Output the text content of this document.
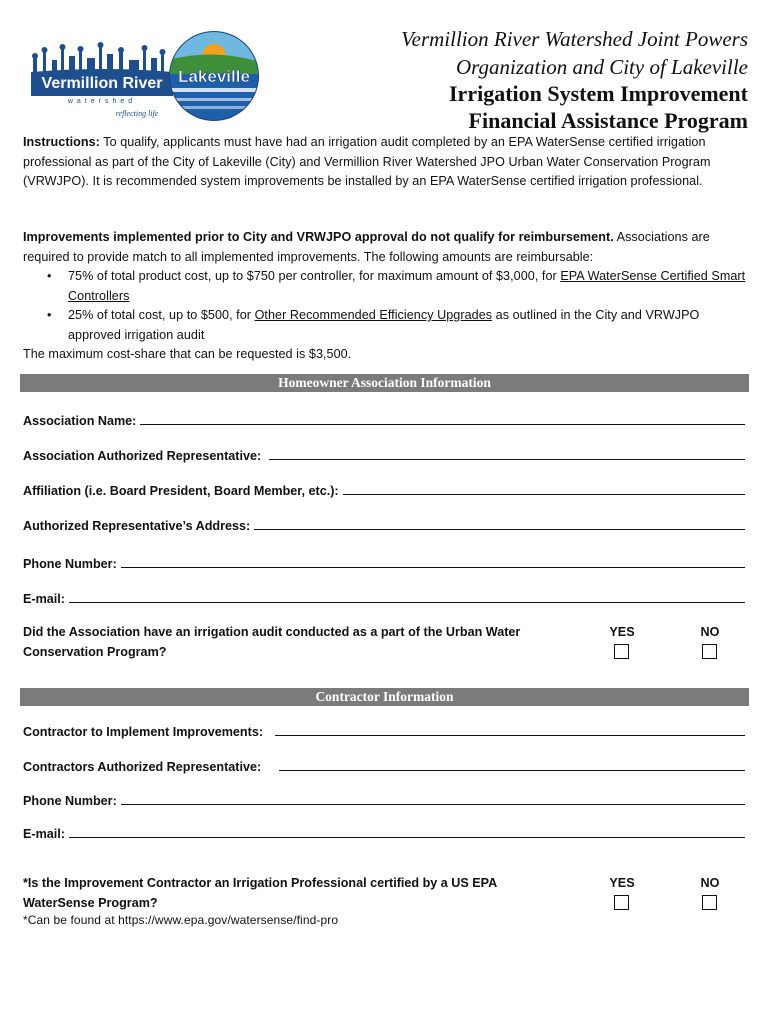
Vermillion River
watershed
reflecting life
Lakeville
Vermillion River Watershed Joint Powers
Organization and City of Lakeville
Irrigation System Improvement
Financial Assistance Program
Instructions: To qualify, applicants must have had an irrigation audit completed by an EPA WaterSense certified irrigation professional as part of the City of Lakeville (City) and Vermillion River Watershed JPO Urban Water Conservation Program (VRWJPO). It is recommended system improvements be installed by an EPA WaterSense certified irrigation professional.
Improvements implemented prior to City and VRWJPO approval do not qualify for reimbursement. Associations are required to provide match to all implemented improvements. The following amounts are reimbursable:
• 75% of total product cost, up to $750 per controller, for maximum amount of $3,000, for EPA WaterSense Certified Smart Controllers
• 25% of total cost, up to $500, for Other Recommended Efficiency Upgrades as outlined in the City and VRWJPO approved irrigation audit
The maximum cost-share that can be requested is $3,500.
Homeowner Association Information
Association Name:
Association Authorized Representative:
Affiliation (i.e. Board President, Board Member, etc.):
Authorized Representative’s Address:
Phone Number:
E-mail:
Did the Association have an irrigation audit conducted as a part of the Urban Water
Conservation Program?
YES	NO
Contractor Information
Contractor to Implement Improvements:
Contractors Authorized Representative:
Phone Number:
E-mail:
*Is the Improvement Contractor an Irrigation Professional certified by a US EPA
WaterSense Program?
YES	NO
*Can be found at https://www.epa.gov/watersense/find-pro
